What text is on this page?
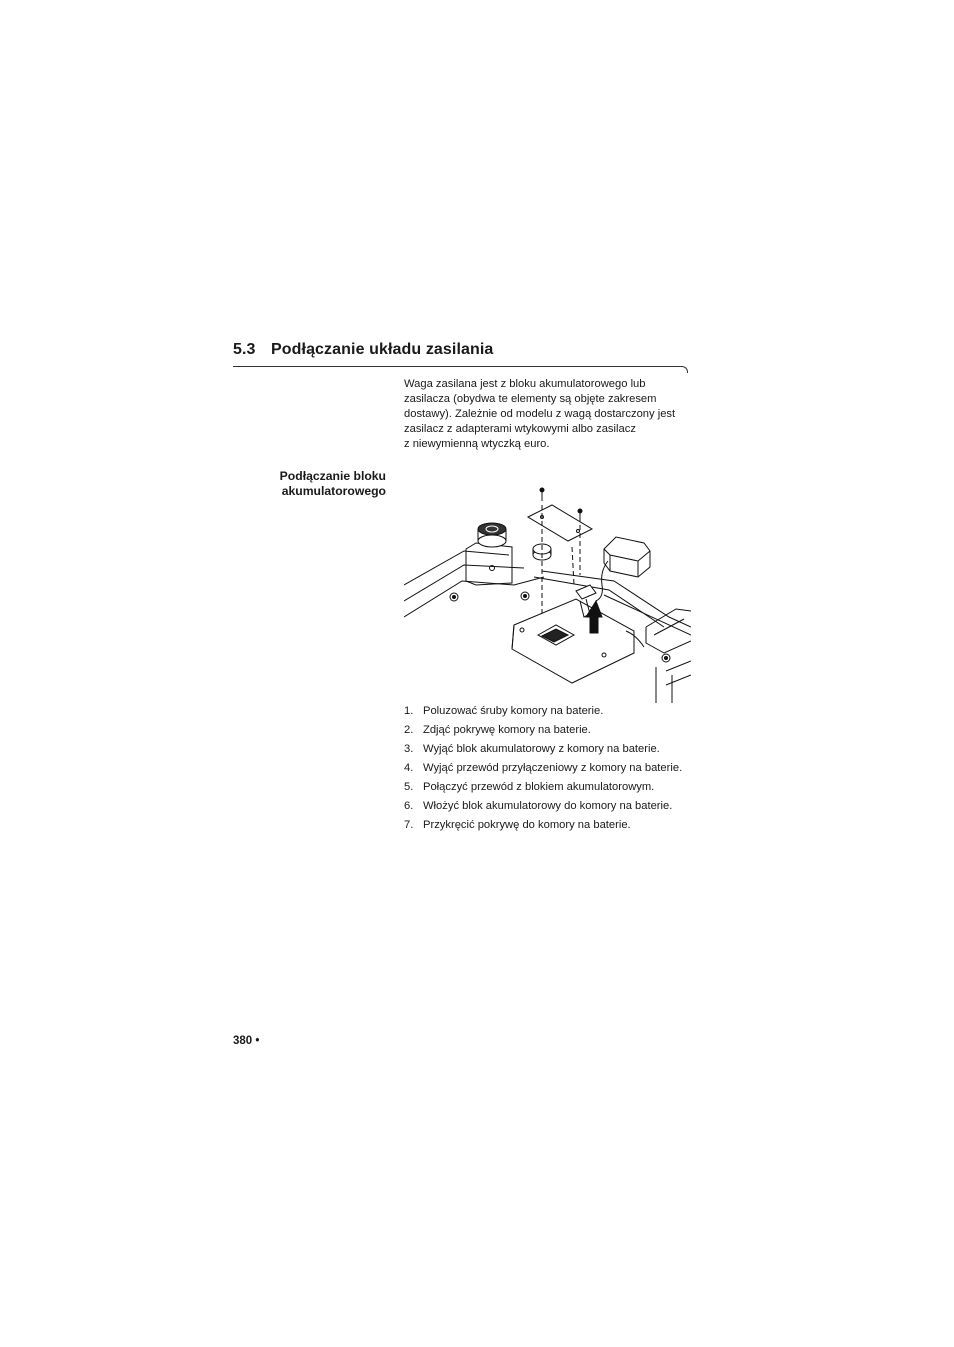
5.3 Podłączanie układu zasilania

Waga zasilana jest z bloku akumulatorowego lub
zasilacza (obydwa te elementy są objęte zakresem
dostawy). Zależnie od modelu z wagą dostarczony jest
zasilacz z adapterami wtykowymi albo zasilacz
z niewymienną wtyczką euro.

Podłączanie bloku
akumulatorowego
1. Poluzować śruby komory na baterie.
2. Zdjąć pokrywę komory na baterie.
3. Wyjąć blok akumulatorowy z komory na baterie.
4. Wyjąć przewód przyłączeniowy z komory na baterie.
5. Połączyć przewód z blokiem akumulatorowym.
6. Włożyć blok akumulatorowy do komory na baterie.
7. Przykręcić pokrywę do komory na baterie.
380 •
